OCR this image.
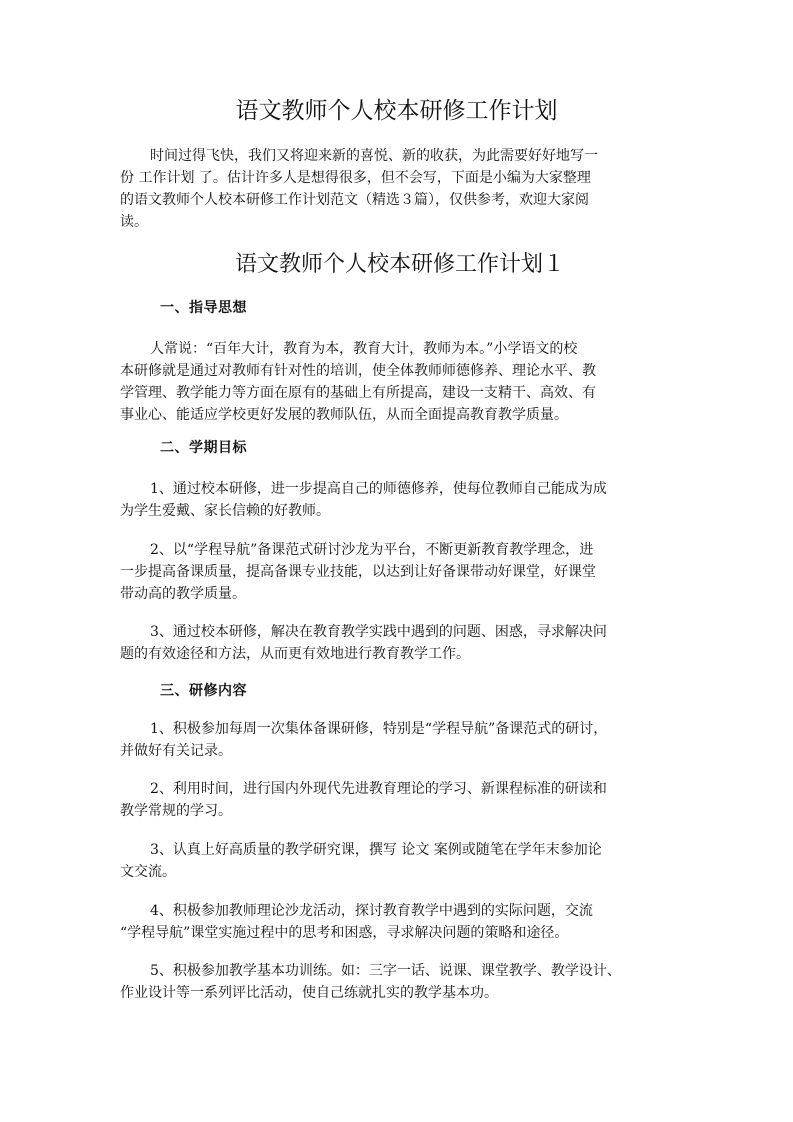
语文教师个人校本研修工作计划
时间过得飞快，我们又将迎来新的喜悦、新的收获，为此需要好好地写一
份 工作计划 了。估计许多人是想得很多，但不会写，下面是小编为大家整理
的语文教师个人校本研修工作计划范文（精选３篇），仅供参考，欢迎大家阅
读。
语文教师个人校本研修工作计划１
一、指导思想
人常说：“百年大计，教育为本，教育大计，教师为本。”小学语文的校
本研修就是通过对教师有针对性的培训，使全体教师师德修养、理论水平、教
学管理、教学能力等方面在原有的基础上有所提高，建设一支精干、高效、有
事业心、能适应学校更好发展的教师队伍，从而全面提高教育教学质量。
二、学期目标
1、通过校本研修，进一步提高自己的师德修养，使每位教师自己能成为成
为学生爱戴、家长信赖的好教师。
2、以“学程导航”备课范式研讨沙龙为平台，不断更新教育教学理念，进
一步提高备课质量，提高备课专业技能，以达到让好备课带动好课堂，好课堂
带动高的教学质量。
3、通过校本研修，解决在教育教学实践中遇到的问题、困惑，寻求解决问
题的有效途径和方法，从而更有效地进行教育教学工作。
三、研修内容
1、积极参加每周一次集体备课研修，特别是“学程导航”备课范式的研讨，
并做好有关记录。
2、利用时间，进行国内外现代先进教育理论的学习、新课程标准的研读和
教学常规的学习。
3、认真上好高质量的教学研究课，撰写 论文 案例或随笔在学年末参加论
文交流。
4、积极参加教师理论沙龙活动，探讨教育教学中遇到的实际问题，交流
“学程导航”课堂实施过程中的思考和困惑，寻求解决问题的策略和途径。
5、积极参加教学基本功训练。如：三字一话、说课、课堂教学、教学设计、
作业设计等一系列评比活动，使自己练就扎实的教学基本功。
